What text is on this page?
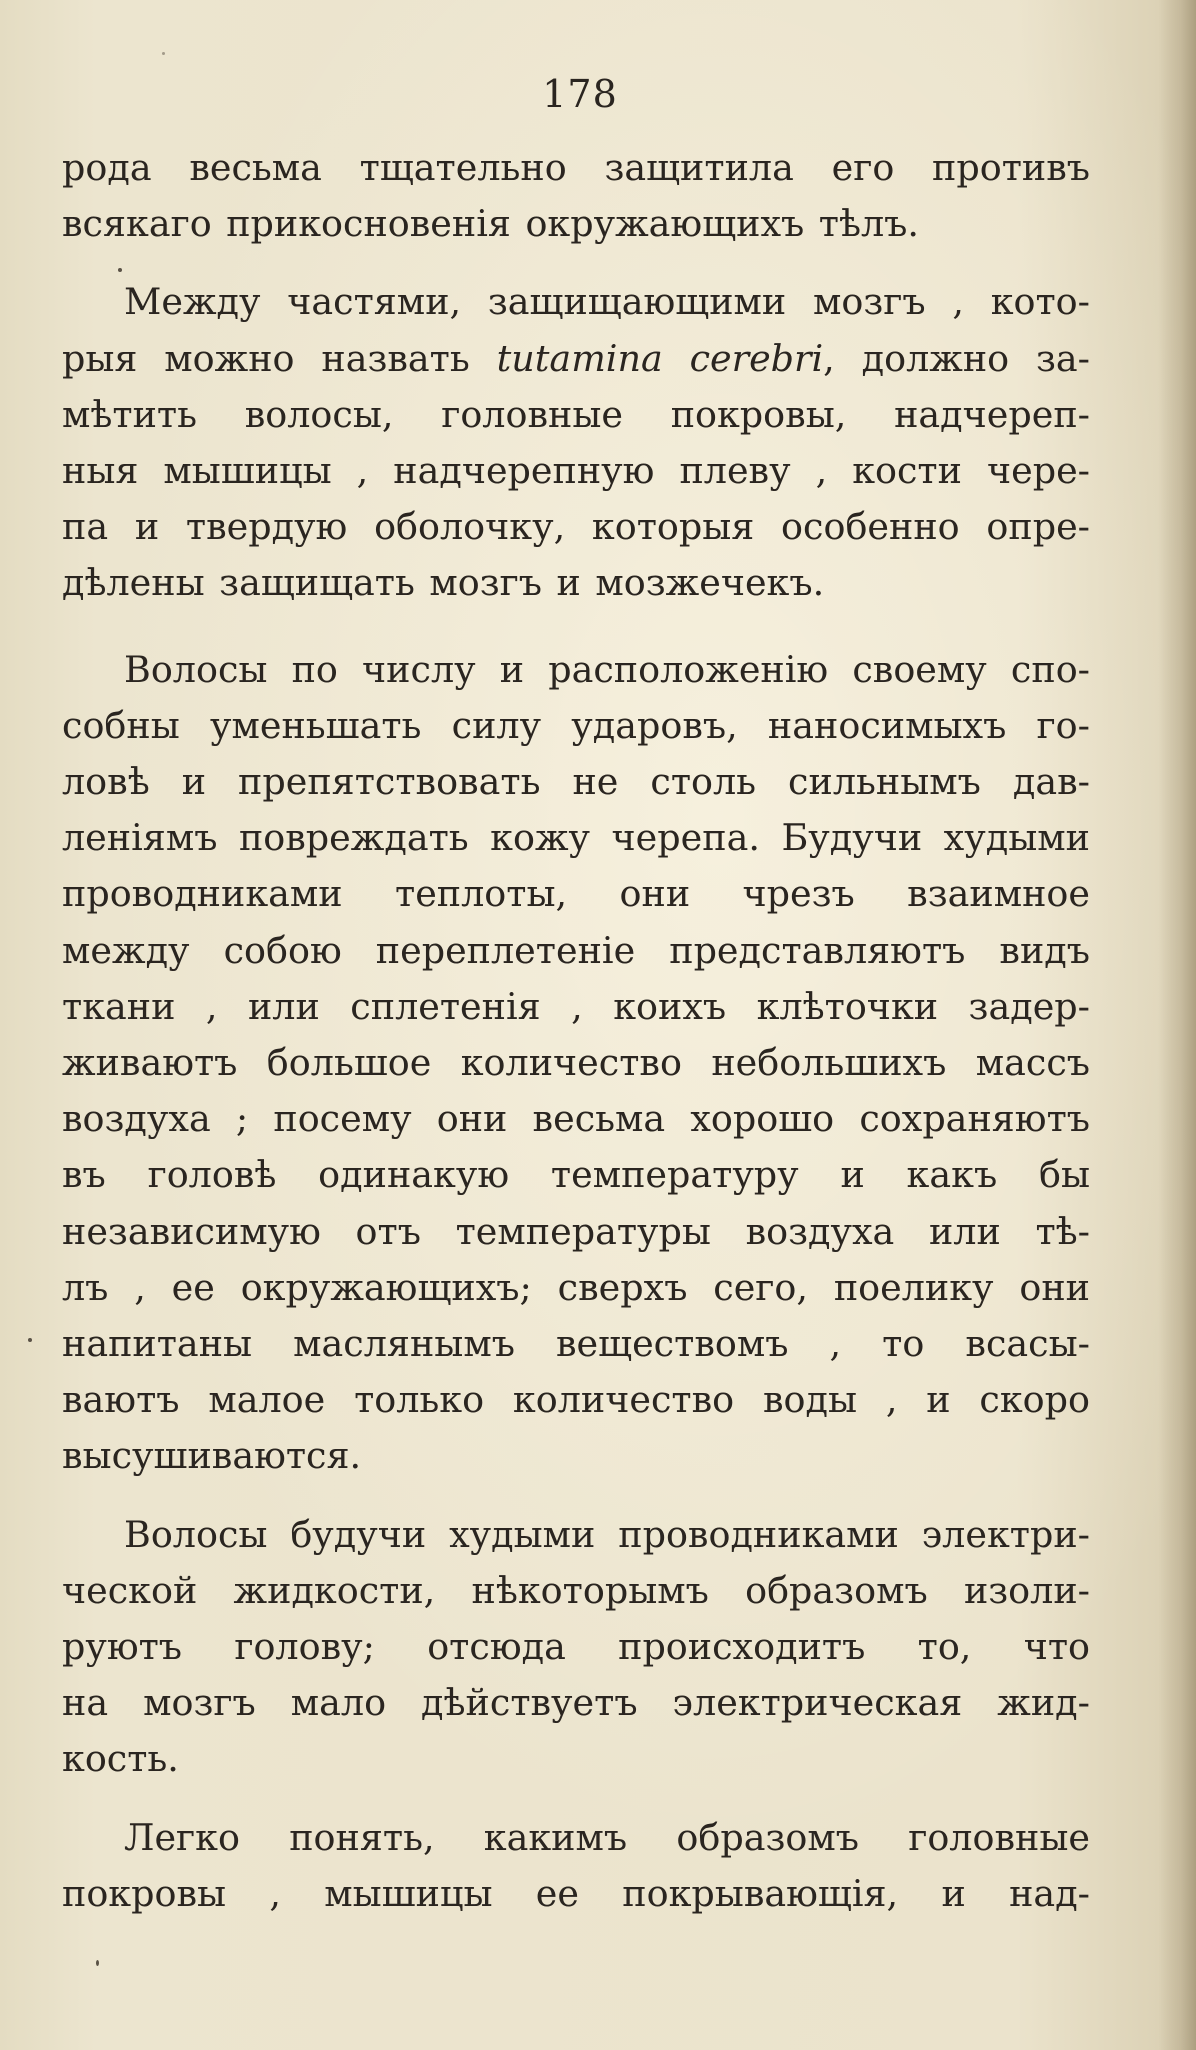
178
рода весьма тщательно защитила его противъ
всякаго прикосновенія окружающихъ тѣлъ.
Между частями, защищающими мозгъ , кото-
рыя можно назвать tutamina cerebri, должно за-
мѣтить волосы, головные покровы, надчереп-
ныя мышицы , надчерепную плеву , кости чере-
па и твердую оболочку, которыя особенно опре-
дѣлены защищать мозгъ и мозжечекъ.
Волосы по числу и расположенію своему спо-
собны уменьшать силу ударовъ, наносимыхъ го-
ловѣ и препятствовать не столь сильнымъ дав-
леніямъ повреждать кожу черепа. Будучи худыми
проводниками теплоты, они чрезъ взаимное
между собою переплетеніе представляютъ видъ
ткани , или сплетенія , коихъ клѣточки задер-
живаютъ большое количество небольшихъ массъ
воздуха ; посему они весьма хорошо сохраняютъ
въ головѣ одинакую температуру и какъ бы
независимую отъ температуры воздуха или тѣ-
лъ , ее окружающихъ; сверхъ сего, поелику они
напитаны маслянымъ веществомъ , то всасы-
ваютъ малое только количество воды , и скоро
высушиваются.
Волосы будучи худыми проводниками электри-
ческой жидкости, нѣкоторымъ образомъ изоли-
руютъ голову; отсюда происходитъ то, что
на мозгъ мало дѣйствуетъ электрическая жид-
кость.
Легко понять, какимъ образомъ головные
покровы , мышицы ее покрывающія, и над-
